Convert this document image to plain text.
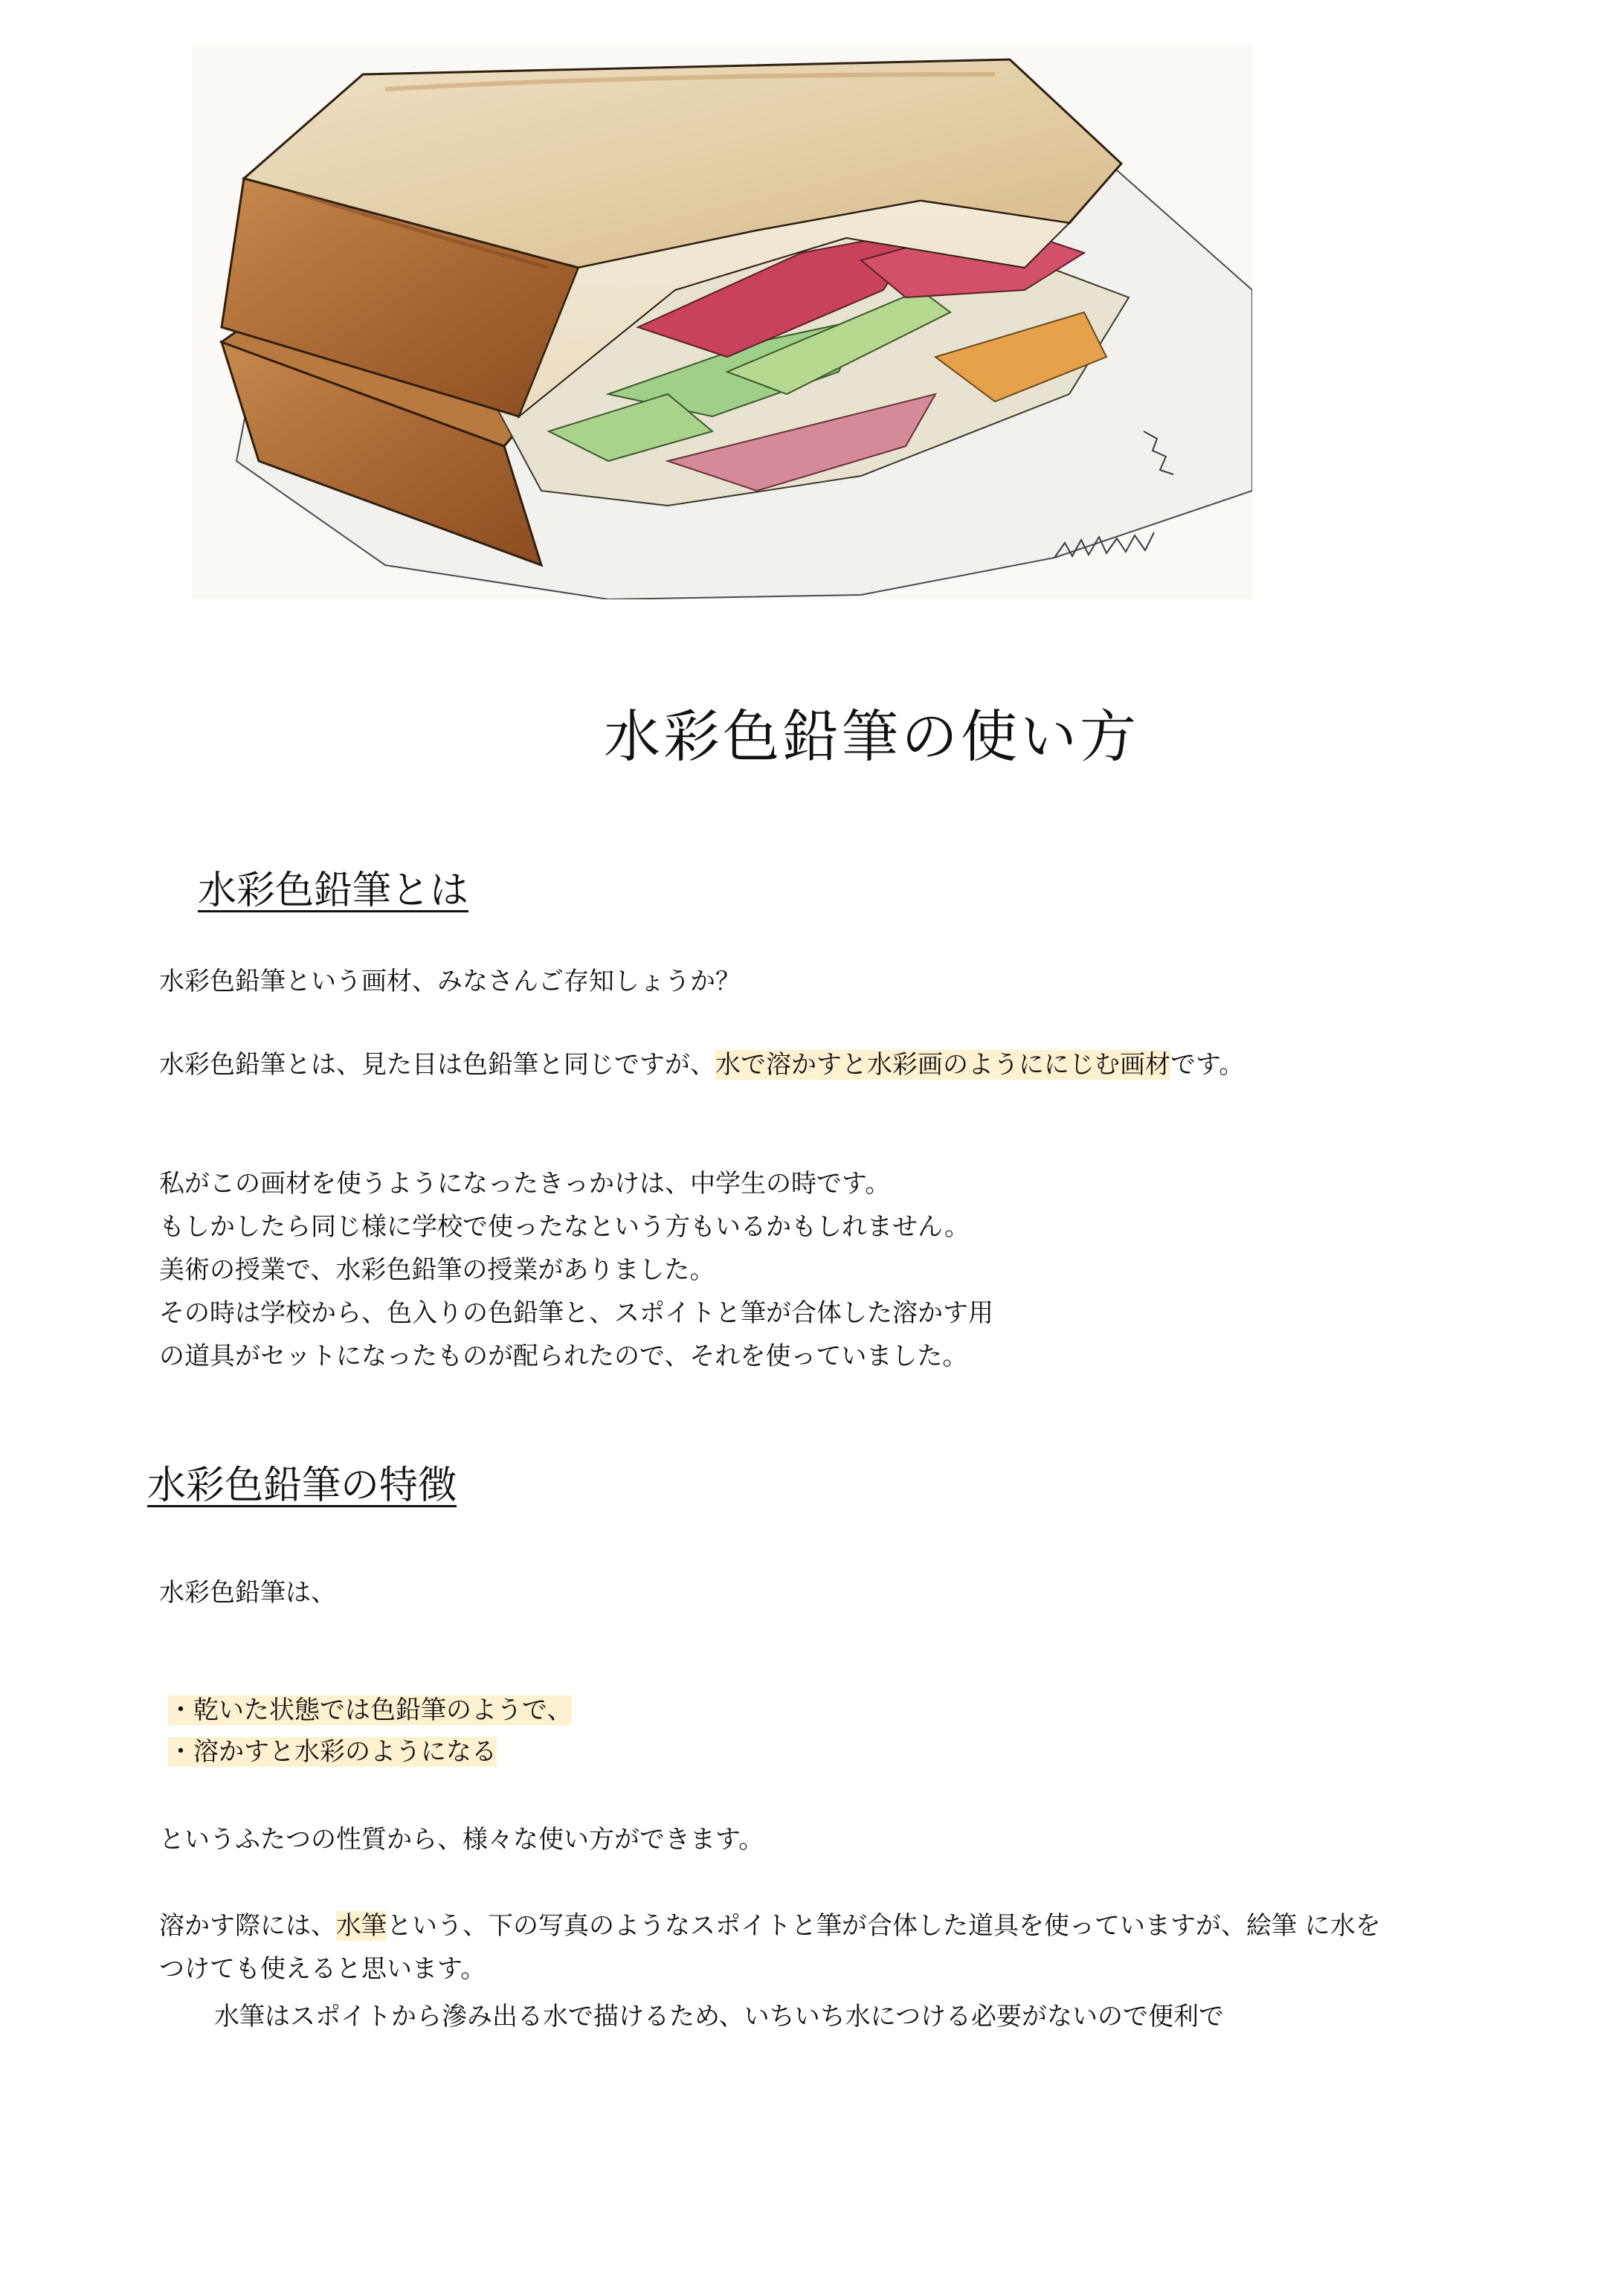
水彩色鉛筆の使い方
水彩色鉛筆とは

水彩色鉛筆という画材、みなさんご存知しょうか？

水彩色鉛筆とは、見た目は色鉛筆と同じですが、水で溶かすと水彩画のようににじむ画材です。

私がこの画材を使うようになったきっかけは、中学生の時です。

もしかしたら同じ様に学校で使ったなという方もいるかもしれません。

美術の授業で、水彩色鉛筆の授業がありました。

その時は学校から、色入りの色鉛筆と、スポイトと筆が合体した溶かす用

の道具がセットになったものが配られたので、それを使っていました。

水彩色鉛筆の特徴

水彩色鉛筆は、

・乾いた状態では色鉛筆のようで、

・溶かすと水彩のようになる

というふたつの性質から、様々な使い方ができます。

溶かす際には、水筆という、下の写真のようなスポイトと筆が合体した道具を使っていますが、絵筆 に水を

つけても使えると思います。

水筆はスポイトから滲み出る水で描けるため、いちいち水につける必要がないので便利で
